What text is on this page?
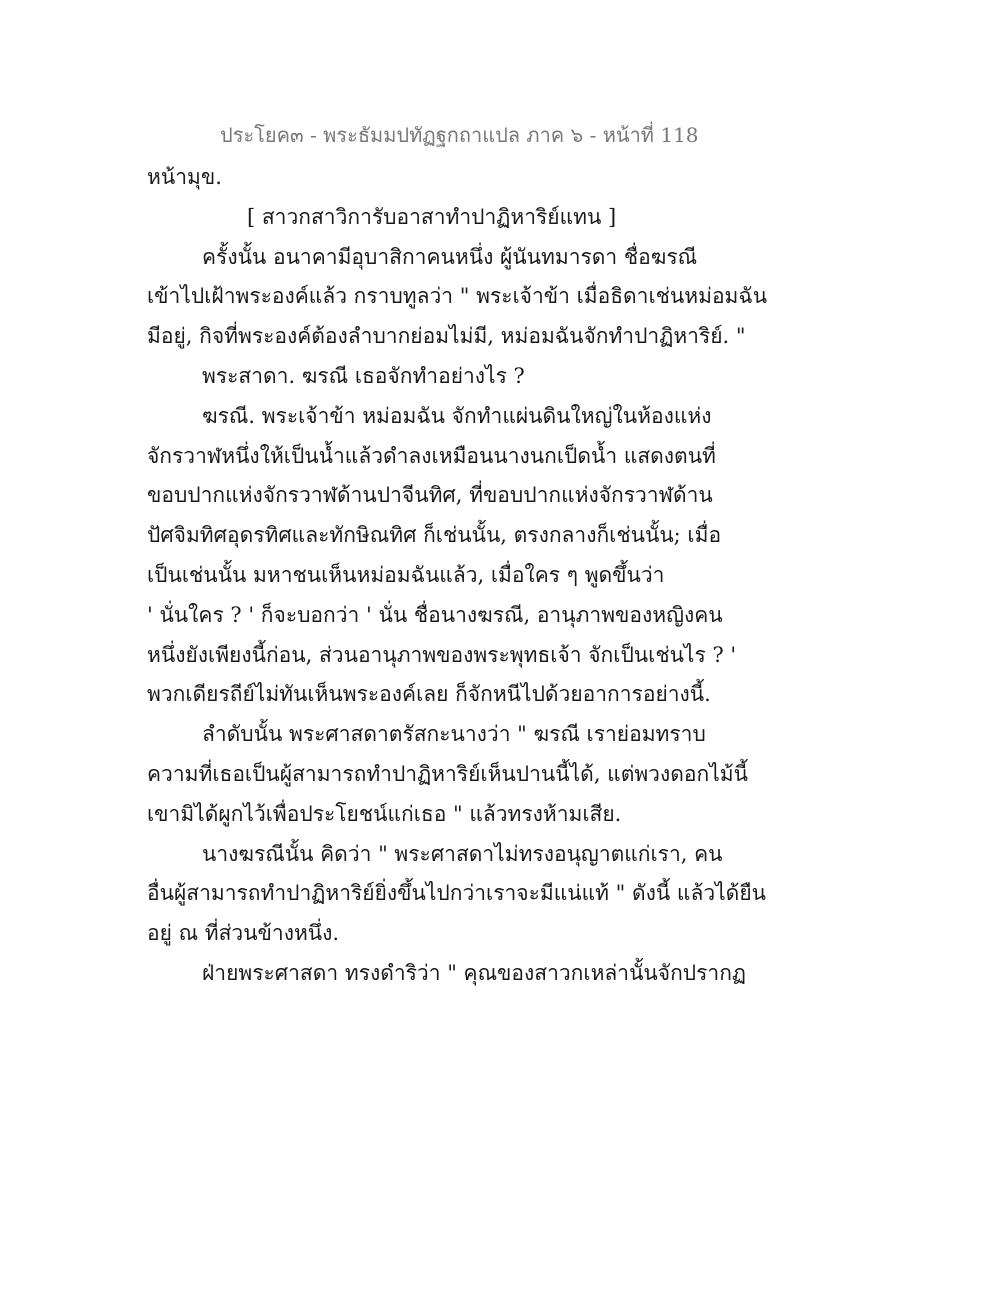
ประโยค๓ - พระธัมมปทัฏฐกถาแปล ภาค ๖ - หน้าที่ 118
หน้ามุข.
[ สาวกสาวิการับอาสาทำปาฏิหาริย์แทน ]
ครั้งนั้น อนาคามีอุบาสิกาคนหนึ่ง ผู้นันทมารดา ชื่อฆรณี
เข้าไปเฝ้าพระองค์แล้ว กราบทูลว่า " พระเจ้าข้า เมื่อธิดาเช่นหม่อมฉัน
มีอยู่, กิจที่พระองค์ต้องลำบากย่อมไม่มี, หม่อมฉันจักทำปาฏิหาริย์. "
พระสาดา. ฆรณี เธอจักทำอย่างไร ?
ฆรณี. พระเจ้าข้า หม่อมฉัน จักทำแผ่นดินใหญ่ในห้องแห่ง
จักรวาฬหนึ่งให้เป็นน้ำแล้วดำลงเหมือนนางนกเป็ดน้ำ แสดงตนที่
ขอบปากแห่งจักรวาฬด้านปาจีนทิศ, ที่ขอบปากแห่งจักรวาฬด้าน
ปัศจิมทิศอุดรทิศและทักษิณทิศ ก็เช่นนั้น, ตรงกลางก็เช่นนั้น; เมื่อ
เป็นเช่นนั้น มหาชนเห็นหม่อมฉันแล้ว, เมื่อใคร ๆ พูดขึ้นว่า
' นั่นใคร ? ' ก็จะบอกว่า ' นั่น ชื่อนางฆรณี, อานุภาพของหญิงคน
หนึ่งยังเพียงนี้ก่อน, ส่วนอานุภาพของพระพุทธเจ้า จักเป็นเช่นไร ? '
พวกเดียรถีย์ไม่ทันเห็นพระองค์เลย ก็จักหนีไปด้วยอาการอย่างนี้.
ลำดับนั้น พระศาสดาตรัสกะนางว่า " ฆรณี เราย่อมทราบ
ความที่เธอเป็นผู้สามารถทำปาฏิหาริย์เห็นปานนี้ได้, แต่พวงดอกไม้นี้
เขามิได้ผูกไว้เพื่อประโยชน์แก่เธอ " แล้วทรงห้ามเสีย.
นางฆรณีนั้น คิดว่า " พระศาสดาไม่ทรงอนุญาตแก่เรา, คน
อื่นผู้สามารถทำปาฏิหาริย์ยิ่งขึ้นไปกว่าเราจะมีแน่แท้ " ดังนี้ แล้วได้ยืน
อยู่ ณ ที่ส่วนข้างหนึ่ง.
ฝ่ายพระศาสดา ทรงดำริว่า " คุณของสาวกเหล่านั้นจักปรากฏ
